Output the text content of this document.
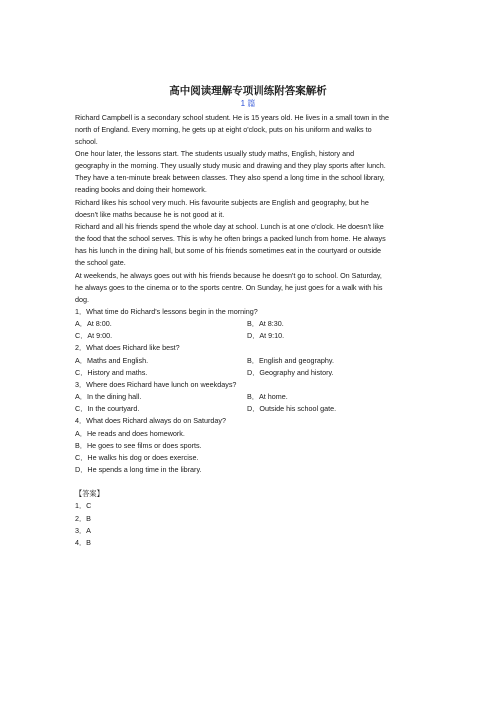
高中阅读理解专项训练附答案解析
1 篇

Richard Campbell is a secondary school student. He is 15 years old. He lives in a small town in the

north of England. Every morning, he gets up at eight o'clock, puts on his uniform and walks to

school.

One hour later, the lessons start. The students usually study maths, English, history and

geography in the morning. They usually study music and drawing and they play sports after lunch.

They have a ten-minute break between classes. They also spend a long time in the school library,

reading books and doing their homework.

Richard likes his school very much. His favourite subjects are English and geography, but he

doesn't like maths because he is not good at it.

Richard and all his friends spend the whole day at school. Lunch is at one o'clock. He doesn't like

the food that the school serves. This is why he often brings a packed lunch from home. He always

has his lunch in the dining hall, but some of his friends sometimes eat in the courtyard or outside

the school gate.

At weekends, he always goes out with his friends because he doesn't go to school. On Saturday,

he always goes to the cinema or to the sports centre. On Sunday, he just goes for a walk with his

dog.

1．What time do Richard's lessons begin in the morning?

A．At 8:00.	B．At 8:30.
C．At 9:00.	D．At 9:10.

2．What does Richard like best?

A．Maths and English.	B．English and geography.
C．History and maths.	D．Geography and history.

3．Where does Richard have lunch on weekdays?

A．In the dining hall.	B．At home.
C．In the courtyard.	D．Outside his school gate.

4．What does Richard always do on Saturday?

A．He reads and does homework.

B．He goes to see films or does sports.

C．He walks his dog or does exercise.

D．He spends a long time in the library.

【答案】

1．C

2．B

3．A

4．B
